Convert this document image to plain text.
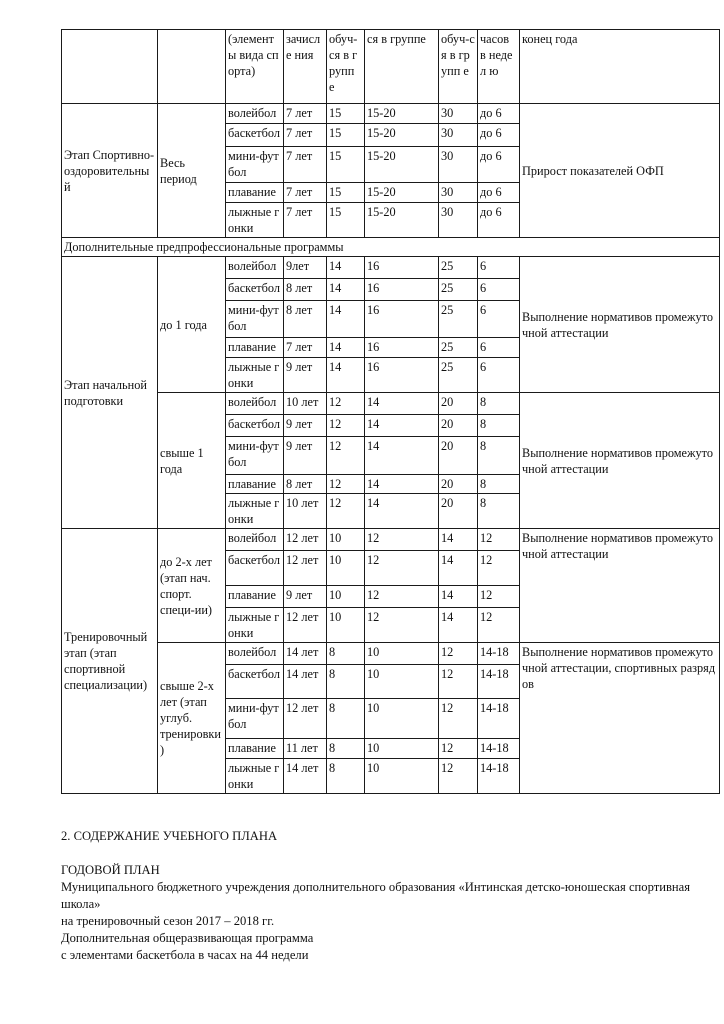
		(элемент ы вида спорта)	зачисл е ния	обуч-ся в групп е	ся в группе	обуч-ся в групп е	часов в недел ю	конец года
Этап Спортивно-оздоровительный	Весь период	волейбол	7 лет	15	15-20	30	до 6	Прирост показателей ОФП
		баскетбол	7 лет	15	15-20	30	до 6	
		мини-футбол	7 лет	15	15-20	30	до 6	
		плавание	7 лет	15	15-20	30	до 6	
		лыжные гонки	7 лет	15	15-20	30	до 6	
Дополнительные предпрофессиональные программы								
Этап начальной подготовки	до 1 года	волейбол	9лет	14	16	25	6	Выполнение нормативов промежуточной аттестации
		баскетбол	8 лет	14	16	25	6	
		мини-футбол	8 лет	14	16	25	6	
		плавание	7 лет	14	16	25	6	
		лыжные гонки	9 лет	14	16	25	6	
	свыше 1 года	волейбол	10 лет	12	14	20	8	Выполнение нормативов промежуточной аттестации
		баскетбол	9 лет	12	14	20	8	
		мини-футбол	9 лет	12	14	20	8	
		плавание	8 лет	12	14	20	8	
		лыжные гонки	10 лет	12	14	20	8	
Тренировочный этап (этап спортивной специализации)	до 2-х лет (этап нач. спорт. специ-ии)	волейбол	12 лет	10	12	14	12	Выполнение нормативов промежуточной аттестации
		баскетбол	12 лет	10	12	14	12	
		плавание	9 лет	10	12	14	12	
		лыжные гонки	12 лет	10	12	14	12	
	свыше 2-х лет (этап углуб. тренировки)	волейбол	14 лет	8	10	12	14-18	Выполнение нормативов промежуточной аттестации, спортивных разрядов
		баскетбол	14 лет	8	10	12	14-18	
		мини-футбол	12 лет	8	10	12	14-18	
		плавание	11 лет	8	10	12	14-18	
		лыжные гонки	14 лет	8	10	12	14-18	

2. СОДЕРЖАНИЕ УЧЕБНОГО ПЛАНА

ГОДОВОЙ ПЛАН

Муниципального бюджетного учреждения дополнительного образования «Интинская детско-юношеская спортивная школа»

на тренировочный сезон 2017 – 2018 гг.

Дополнительная общеразвивающая программа

с элементами баскетбола в часах на 44 недели
